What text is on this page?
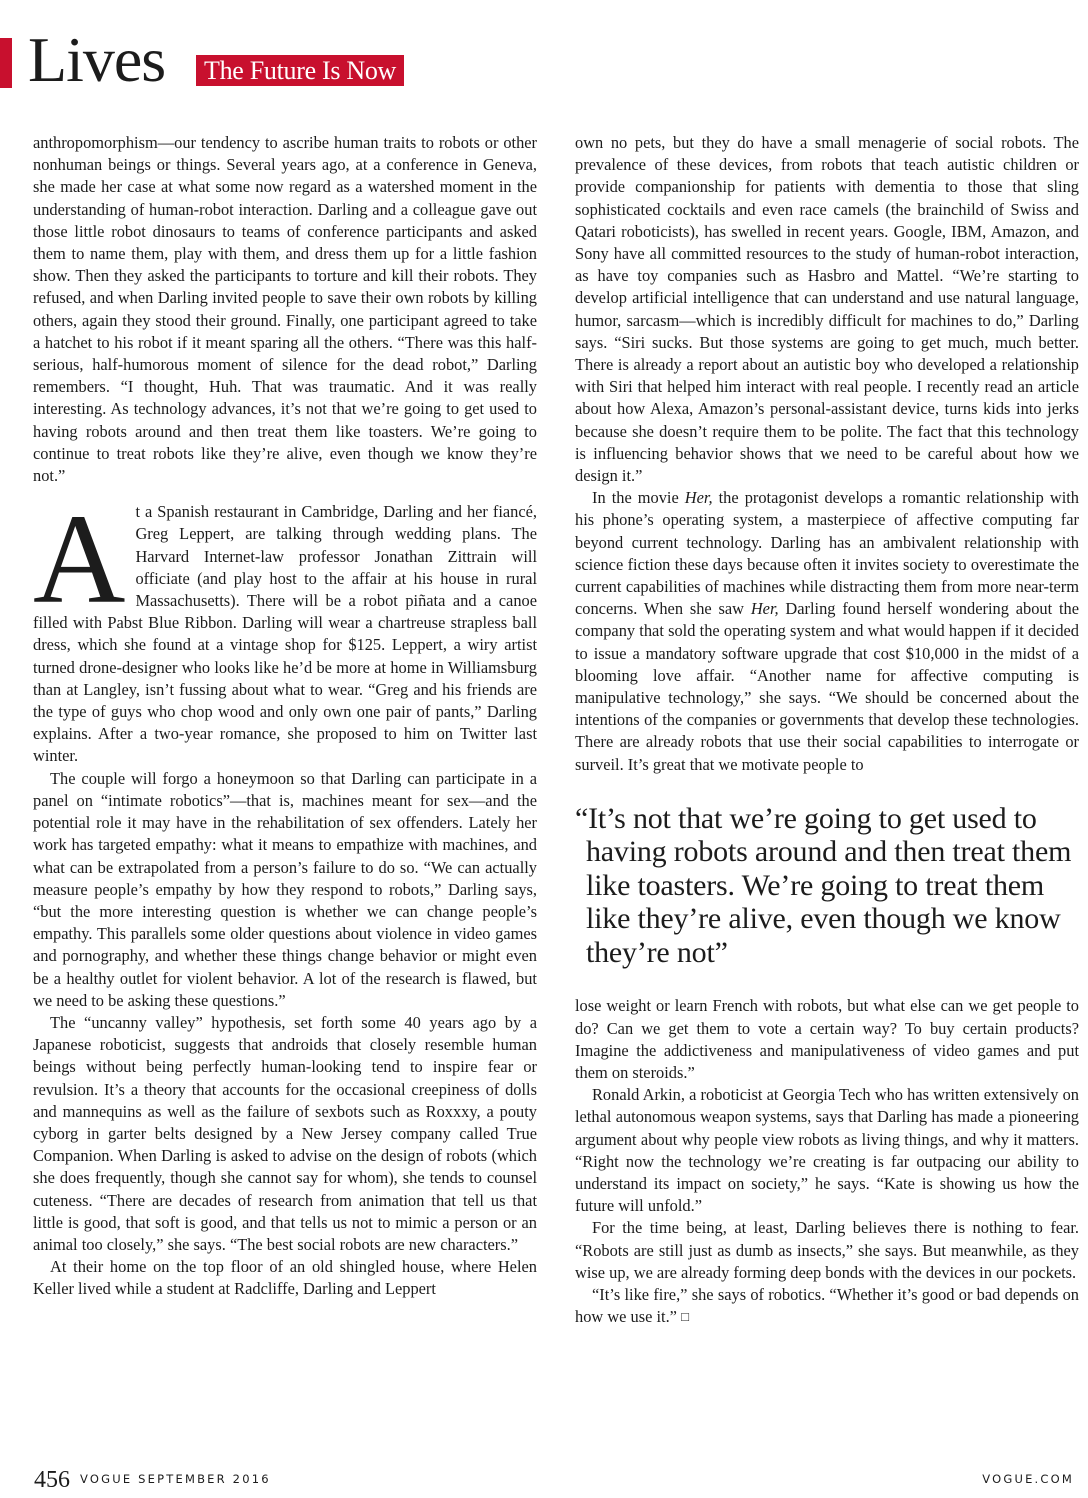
Lives	The Future Is Now

anthropomorphism—our tendency to ascribe human traits to robots or other nonhuman beings or things. Several years ago, at a conference in Geneva, she made her case at what some now regard as a watershed moment in the understanding of human-robot interaction. Darling and a colleague gave out those little robot dinosaurs to teams of conference participants and asked them to name them, play with them, and dress them up for a little fashion show. Then they asked the participants to torture and kill their robots. They refused, and when Darling invited people to save their own robots by killing others, again they stood their ground. Finally, one participant agreed to take a hatchet to his robot if it meant sparing all the others. “There was this half-serious, half-humorous moment of silence for the dead robot,” Darling remembers. “I thought, Huh. That was traumatic. And it was really interesting. As technology advances, it’s not that we’re going to get used to having robots around and then treat them like toasters. We’re going to continue to treat robots like they’re alive, even though we know they’re not.”

At a Spanish restaurant in Cambridge, Darling and her fiancé, Greg Leppert, are talking through wedding plans. The Harvard Internet-law professor Jonathan Zittrain will officiate (and play host to the affair at his house in rural Massachusetts). There will be a robot piñata and a canoe filled with Pabst Blue Ribbon. Darling will wear a chartreuse strapless ball dress, which she found at a vintage shop for $125. Leppert, a wiry artist turned drone-designer who looks like he’d be more at home in Williamsburg than at Langley, isn’t fussing about what to wear. “Greg and his friends are the type of guys who chop wood and only own one pair of pants,” Darling explains. After a two-year romance, she proposed to him on Twitter last winter.

The couple will forgo a honeymoon so that Darling can participate in a panel on “intimate robotics”—that is, machines meant for sex—and the potential role it may have in the rehabilitation of sex offenders. Lately her work has targeted empathy: what it means to empathize with machines, and what can be extrapolated from a person’s failure to do so. “We can actually measure people’s empathy by how they respond to robots,” Darling says, “but the more interesting question is whether we can change people’s empathy. This parallels some older questions about violence in video games and pornography, and whether these things change behavior or might even be a healthy outlet for violent behavior. A lot of the research is flawed, but we need to be asking these questions.”

The “uncanny valley” hypothesis, set forth some 40 years ago by a Japanese roboticist, suggests that androids that closely resemble human beings without being perfectly human-looking tend to inspire fear or revulsion. It’s a theory that accounts for the occasional creepiness of dolls and mannequins as well as the failure of sexbots such as Roxxxy, a pouty cyborg in garter belts designed by a New Jersey company called True Companion. When Darling is asked to advise on the design of robots (which she does frequently, though she cannot say for whom), she tends to counsel cuteness. “There are decades of research from animation that tell us that little is good, that soft is good, and that tells us not to mimic a person or an animal too closely,” she says. “The best social robots are new characters.”

At their home on the top floor of an old shingled house, where Helen Keller lived while a student at Radcliffe, Darling and Leppert

own no pets, but they do have a small menagerie of social robots. The prevalence of these devices, from robots that teach autistic children or provide companionship for patients with dementia to those that sling sophisticated cocktails and even race camels (the brainchild of Swiss and Qatari roboticists), has swelled in recent years. Google, IBM, Amazon, and Sony have all committed resources to the study of human-robot interaction, as have toy companies such as Hasbro and Mattel. “We’re starting to develop artificial intelligence that can understand and use natural language, humor, sarcasm—which is incredibly difficult for machines to do,” Darling says. “Siri sucks. But those systems are going to get much, much better. There is already a report about an autistic boy who developed a relationship with Siri that helped him interact with real people. I recently read an article about how Alexa, Amazon’s personal-assistant device, turns kids into jerks because she doesn’t require them to be polite. The fact that this technology is influencing behavior shows that we need to be careful about how we design it.”

In the movie Her, the protagonist develops a romantic relationship with his phone’s operating system, a masterpiece of affective computing far beyond current technology. Darling has an ambivalent relationship with science fiction these days because often it invites society to overestimate the current capabilities of machines while distracting them from more near-term concerns. When she saw Her, Darling found herself wondering about the company that sold the operating system and what would happen if it decided to issue a mandatory software upgrade that cost $10,000 in the midst of a blooming love affair. “Another name for affective computing is manipulative technology,” she says. “We should be concerned about the intentions of the companies or governments that develop these technologies. There are already robots that use their social capabilities to interrogate or surveil. It’s great that we motivate people to

“It’s not that we’re going to get used to having robots around and then treat them like toasters. We’re going to treat them like they’re alive, even though we know they’re not”

lose weight or learn French with robots, but what else can we get people to do? Can we get them to vote a certain way? To buy certain products? Imagine the addictiveness and manipulativeness of video games and put them on steroids.”

Ronald Arkin, a roboticist at Georgia Tech who has written extensively on lethal autonomous weapon systems, says that Darling has made a pioneering argument about why people view robots as living things, and why it matters. “Right now the technology we’re creating is far outpacing our ability to understand its impact on society,” he says. “Kate is showing us how the future will unfold.”

For the time being, at least, Darling believes there is nothing to fear. “Robots are still just as dumb as insects,” she says. But meanwhile, as they wise up, we are already forming deep bonds with the devices in our pockets.

“It’s like fire,” she says of robotics. “Whether it’s good or bad depends on how we use it.” □

456 VOGUE SEPTEMBER 2016	VOGUE.COM
